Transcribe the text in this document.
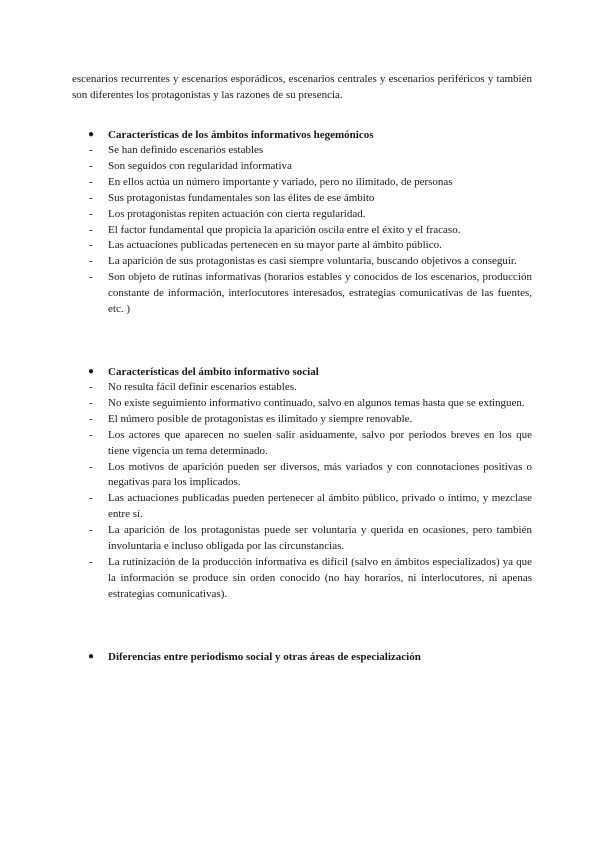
escenarios recurrentes y escenarios esporádicos, escenarios centrales y escenarios periféricos y también son diferentes los protagonistas y las razones de su presencia.

●	Características de los ámbitos informativos hegemónicos
-	Se han definido escenarios estables
-	Son seguidos con regularidad informativa
-	En ellos actúa un número importante y variado, pero no ilimitado, de personas
-	Sus protagonistas fundamentales son las élites de ese ámbito
-	Los protagonistas repiten actuación con cierta regularidad.
-	El factor fundamental que propicia la aparición oscila entre el éxito y el fracaso.
-	Las actuaciones publicadas pertenecen en su mayor parte al ámbito público.
-	La aparición de sus protagonistas es casi siempre voluntaria, buscando objetivos a conseguir.
-	Son objeto de rutinas informativas (horarios estables y conocidos de los escenarios, producción constante de información, interlocutores interesados, estrategias comunicativas de las fuentes, etc. )
●	Características del ámbito informativo social
-	No resulta fácil definir escenarios estables.
-	No existe seguimiento informativo continuado, salvo en algunos temas hasta que se extinguen.
-	El número posible de protagonistas es ilimitado y siempre renovable.
-	Los actores que aparecen no suelen salir asiduamente, salvo por periodos breves en los que tiene vigencia un tema determinado.
-	Los motivos de aparición pueden ser diversos, más variados y con connotaciones positivas o negativas para los implicados.
-	Las actuaciones publicadas pueden pertenecer al ámbito público, privado o íntimo, y mezclase entre sí.
-	La aparición de los protagonistas puede ser voluntaria y querida en ocasiones, pero también involuntaria e incluso obligada por las circunstancias.
-	La rutinización de la producción informativa es difícil (salvo en ámbitos especializados) ya que la información se produce sin orden conocido (no hay horarios, ni interlocutores, ni apenas estrategias comunicativas).
●	Diferencias entre periodismo social y otras áreas de especialización
